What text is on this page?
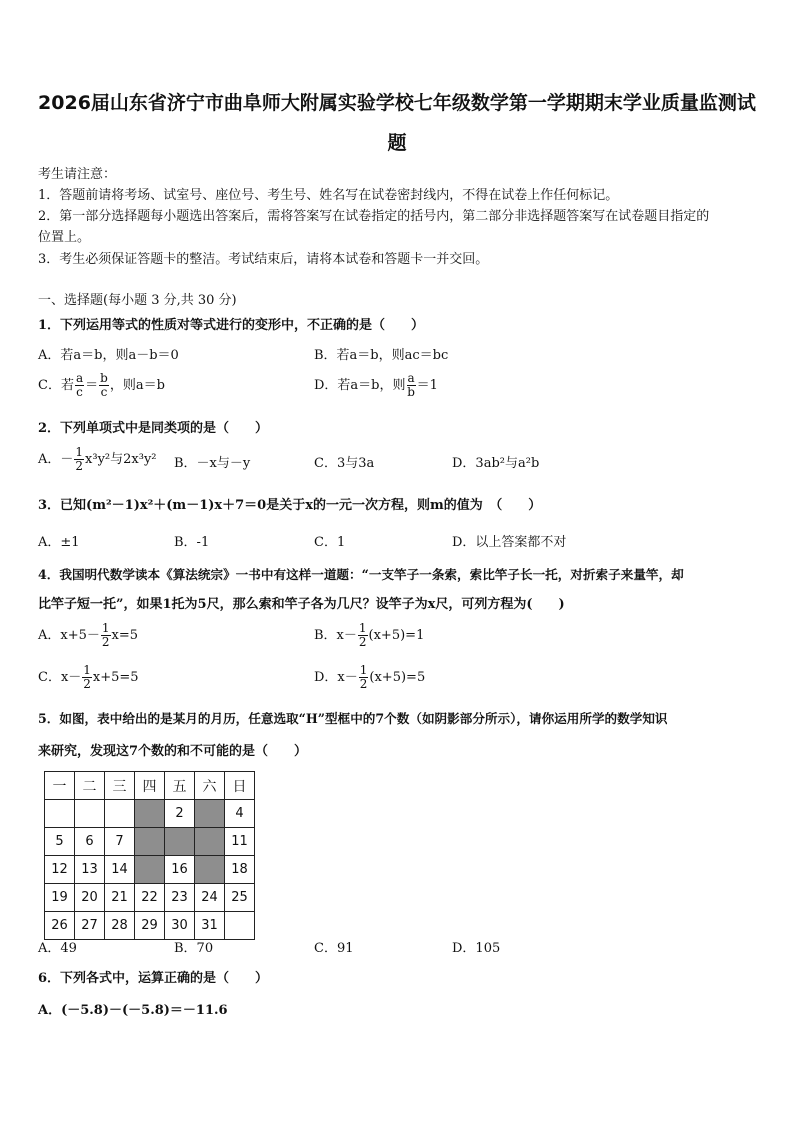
2026届山东省济宁市曲阜师大附属实验学校七年级数学第一学期期末学业质量监测试
题
考生请注意：
1．答题前请将考场、试室号、座位号、考生号、姓名写在试卷密封线内，不得在试卷上作任何标记。
2．第一部分选择题每小题选出答案后，需将答案写在试卷指定的括号内，第二部分非选择题答案写在试卷题目指定的
位置上。
3．考生必须保证答题卡的整洁。考试结束后，请将本试卷和答题卡一并交回。
一、选择题(每小题 3 分,共 30 分)
1．下列运用等式的性质对等式进行的变形中，不正确的是（　　）
A．若a＝b，则a－b＝0	B．若a＝b，则ac＝bc
C．若 $\frac{a}{c} = \frac{b}{c}$ ，则a＝b	D．若a＝b，则 $\frac{a}{b} =1$
2．下列单项式中是同类项的是（　　）
A．－ $\frac{1}{2} x^3y^2$与2x³y² B．－x与－y	C．3与3a	D．3ab²与a²b
3．已知(m²－1)x²＋(m－1)x＋7＝0是关于x的一元一次方程，则m的值为　（　　）
A．±1	B．-1	C．1	D．以上答案都不对
4．我国明代数学读本《算法统宗》一书中有这样一道题：“一支竿子一条索，索比竿子长一托，对折索子来量竿，却
比竿子短一托”，如果1托为5尺，那么索和竿子各为几尺？设竿子为x尺，可列方程为(　　)
A．$x+5- \frac{1}{2} x=5$	B．$x- \frac{1}{2} (x+5)=1$
C．$x- \frac{1}{2} x+5=5$	D．$x- \frac{1}{2} (x+5)=5$
5．如图，表中给出的是某月的月历，任意选取“H”型框中的7个数（如阴影部分所示），请你运用所学的数学知识
来研究，发现这7个数的和不可能的是（　　）
一	二	三	四	五	六	日
				2		4
5	6	7				11
12	13	14		16		18
19	20	21	22	23	24	25
26	27	28	29	30	31	
A．49	B．70	C．91	D．105
6．下列各式中，运算正确的是（　　）
A．(－5.8)－(－5.8)＝－11.6
